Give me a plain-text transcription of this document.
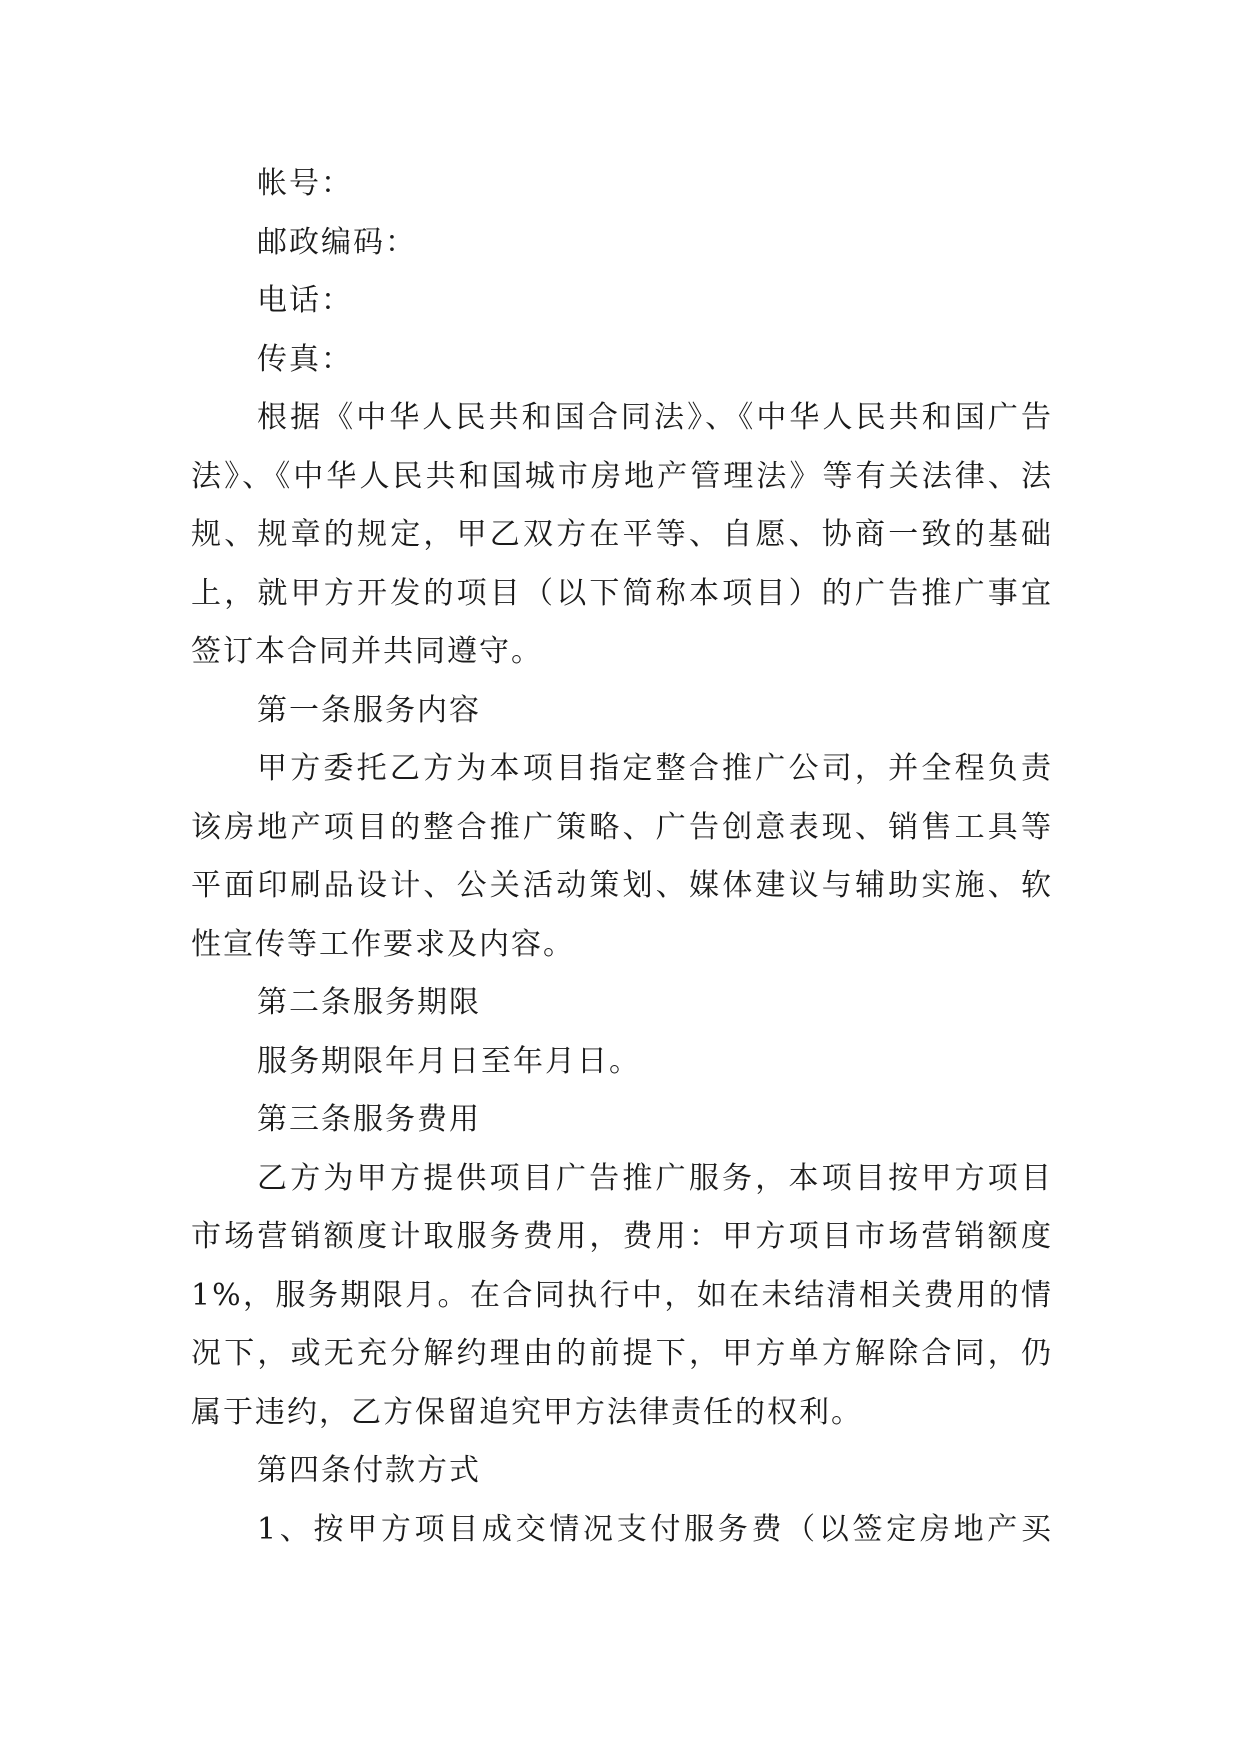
帐号：
邮政编码：
电话：
传真：
根据《中华人民共和国合同法》、《中华人民共和国广告
法》、《中华人民共和国城市房地产管理法》等有关法律、法
规、规章的规定，甲乙双方在平等、自愿、协商一致的基础
上，就甲方开发的项目（以下简称本项目）的广告推广事宜
签订本合同并共同遵守。
第一条服务内容
甲方委托乙方为本项目指定整合推广公司，并全程负责
该房地产项目的整合推广策略、广告创意表现、销售工具等
平面印刷品设计、公关活动策划、媒体建议与辅助实施、软
性宣传等工作要求及内容。
第二条服务期限
服务期限年月日至年月日。
第三条服务费用
乙方为甲方提供项目广告推广服务，本项目按甲方项目
市场营销额度计取服务费用，费用：甲方项目市场营销额度
1%，服务期限月。在合同执行中，如在未结清相关费用的情
况下，或无充分解约理由的前提下，甲方单方解除合同，仍
属于违约，乙方保留追究甲方法律责任的权利。
第四条付款方式
1、按甲方项目成交情况支付服务费（以签定房地产买
